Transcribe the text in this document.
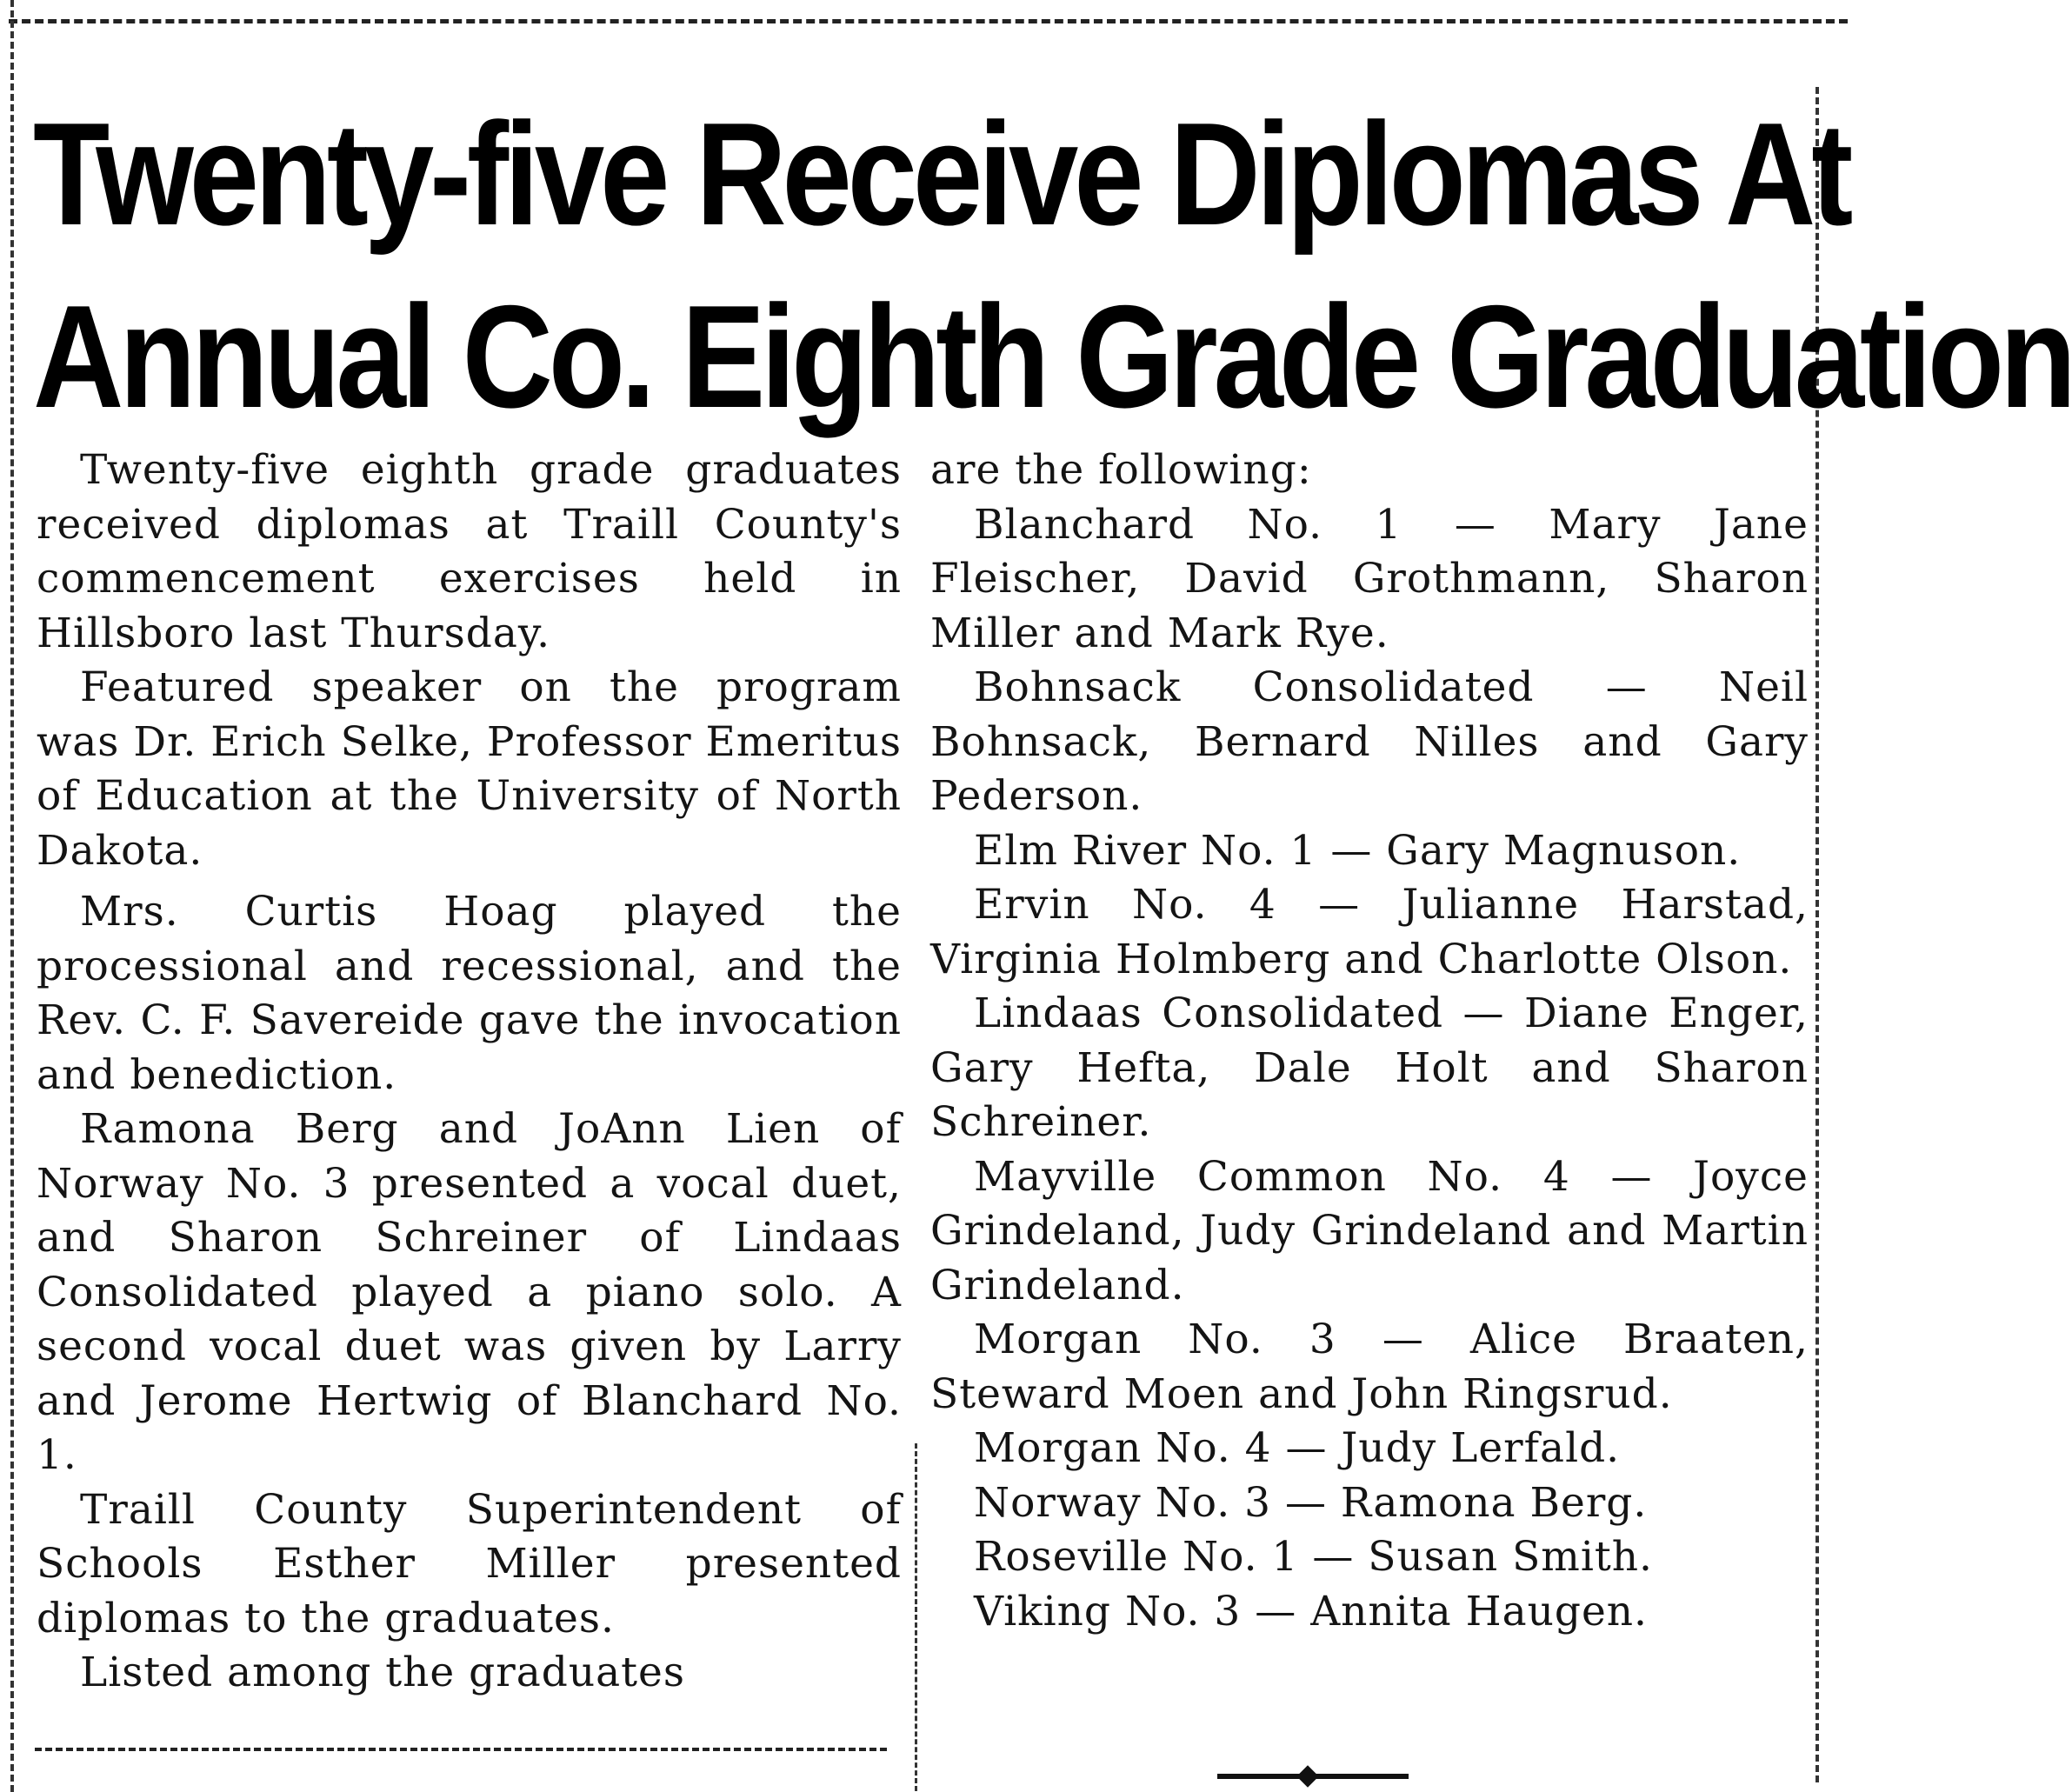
Twenty-five Receive Diplomas At
Annual Co. Eighth Grade Graduation

Twenty-five eighth grade graduates received diplomas at Traill County's commencement exercises held in Hillsboro last Thursday.

Featured speaker on the program was Dr. Erich Selke, Professor Emeritus of Education at the University of North Dakota.

Mrs. Curtis Hoag played the processional and recessional, and the Rev. C. F. Savereide gave the invocation and benediction.

Ramona Berg and JoAnn Lien of Norway No. 3 presented a vocal duet, and Sharon Schreiner of Lindaas Consolidated played a piano solo. A second vocal duet was given by Larry and Jerome Hertwig of Blanchard No. 1.

Traill County Superintendent of Schools Esther Miller presented diplomas to the graduates.

Listed among the graduates

are the following:

Blanchard No. 1 — Mary Jane Fleischer, David Grothmann, Sharon Miller and Mark Rye.

Bohnsack Consolidated — Neil Bohnsack, Bernard Nilles and Gary Pederson.

Elm River No. 1 — Gary Magnuson.

Ervin No. 4 — Julianne Harstad, Virginia Holmberg and Charlotte Olson.

Lindaas Consolidated — Diane Enger, Gary Hefta, Dale Holt and Sharon Schreiner.

Mayville Common No. 4 — Joyce Grindeland, Judy Grindeland and Martin Grindeland.

Morgan No. 3 — Alice Braaten, Steward Moen and John Ringsrud.

Morgan No. 4 — Judy Lerfald.

Norway No. 3 — Ramona Berg.

Roseville No. 1 — Susan Smith.

Viking No. 3 — Annita Haugen.
